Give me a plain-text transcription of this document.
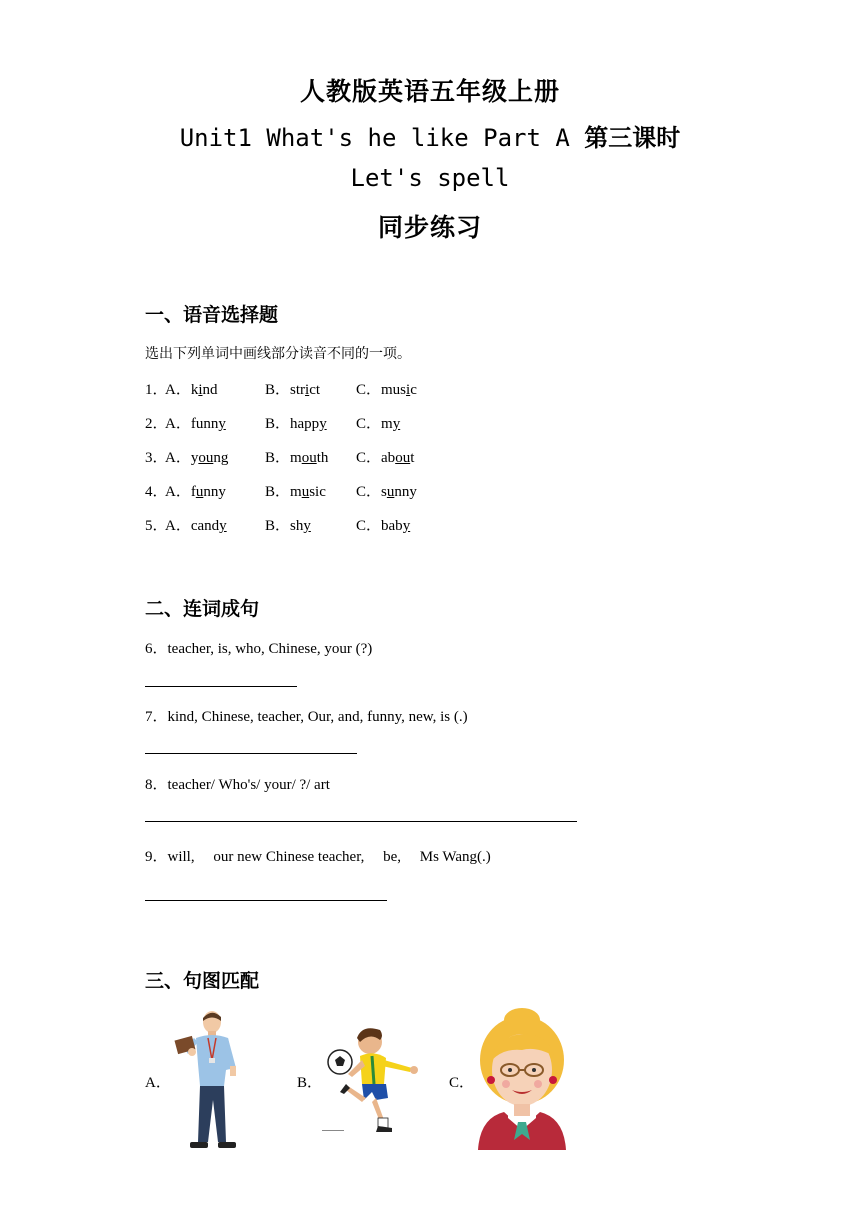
人教版英语五年级上册
Unit1 What's he like Part A 第三课时
Let's spell
同步练习
一、语音选择题
选出下列单词中画线部分读音不同的一项。
1．
A．kind	B．strict C．music
2．
A．funny	B．happy C．my
3．
A．young B．mouth C．about
4．
A．funny	B．music C．sunny
5．
A．candy	B．shy	C．baby
二、连词成句
6．teacher, is, who, Chinese, your (?)
7．kind, Chinese, teacher, Our, and, funny, new, is (.)
8．teacher/ Who's/ your/ ?/ art
9．will,     our new Chinese teacher,     be,     Ms Wang(.)
三、句图匹配
A．	B．	C．
